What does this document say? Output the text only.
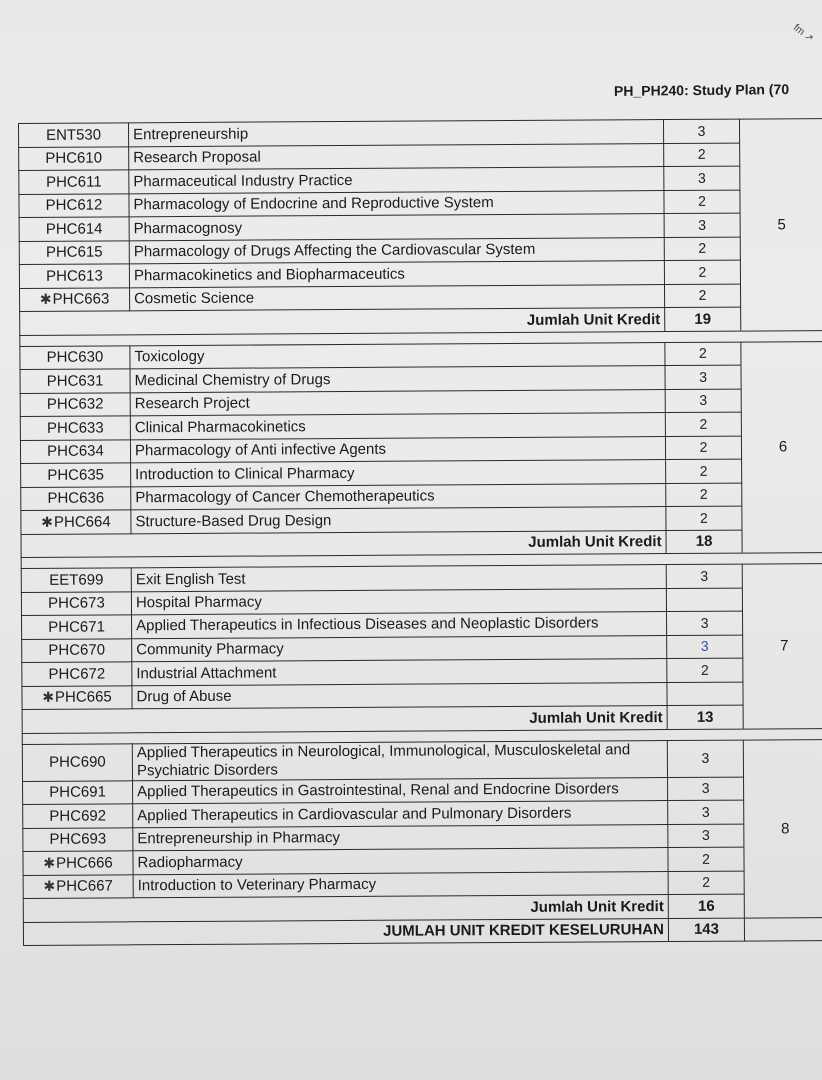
fm ↗
PH_PH240: Study Plan (70
ENT530	Entrepreneurship	3	5
PHC610	Research Proposal	2	
PHC611	Pharmaceutical Industry Practice	3	
PHC612	Pharmacology of Endocrine and Reproductive System	2	
PHC614	Pharmacognosy	3	
PHC615	Pharmacology of Drugs Affecting the Cardiovascular System	2	
PHC613	Pharmacokinetics and Biopharmaceutics	2	
✱PHC663	Cosmetic Science	2	
	Jumlah Unit Kredit	19	

PHC630	Toxicology	2	6
PHC631	Medicinal Chemistry of Drugs	3	
PHC632	Research Project	3	
PHC633	Clinical Pharmacokinetics	2	
PHC634	Pharmacology of Anti infective Agents	2	
PHC635	Introduction to Clinical Pharmacy	2	
PHC636	Pharmacology of Cancer Chemotherapeutics	2	
✱PHC664	Structure-Based Drug Design	2	
	Jumlah Unit Kredit	18	

EET699	Exit English Test	3	7
PHC673	Hospital Pharmacy		
PHC671	Applied Therapeutics in Infectious Diseases and Neoplastic Disorders	3	
PHC670	Community Pharmacy	3	
PHC672	Industrial Attachment	2	
✱PHC665	Drug of Abuse		
	Jumlah Unit Kredit	13	

PHC690	Applied Therapeutics in Neurological, Immunological, Musculoskeletal and Psychiatric Disorders	3	8
PHC691	Applied Therapeutics in Gastrointestinal, Renal and Endocrine Disorders	3	
PHC692	Applied Therapeutics in Cardiovascular and Pulmonary Disorders	3	
PHC693	Entrepreneurship in Pharmacy	3	
✱PHC666	Radiopharmacy	2	
✱PHC667	Introduction to Veterinary Pharmacy	2	
	Jumlah Unit Kredit	16	
	JUMLAH UNIT KREDIT KESELURUHAN	143	
